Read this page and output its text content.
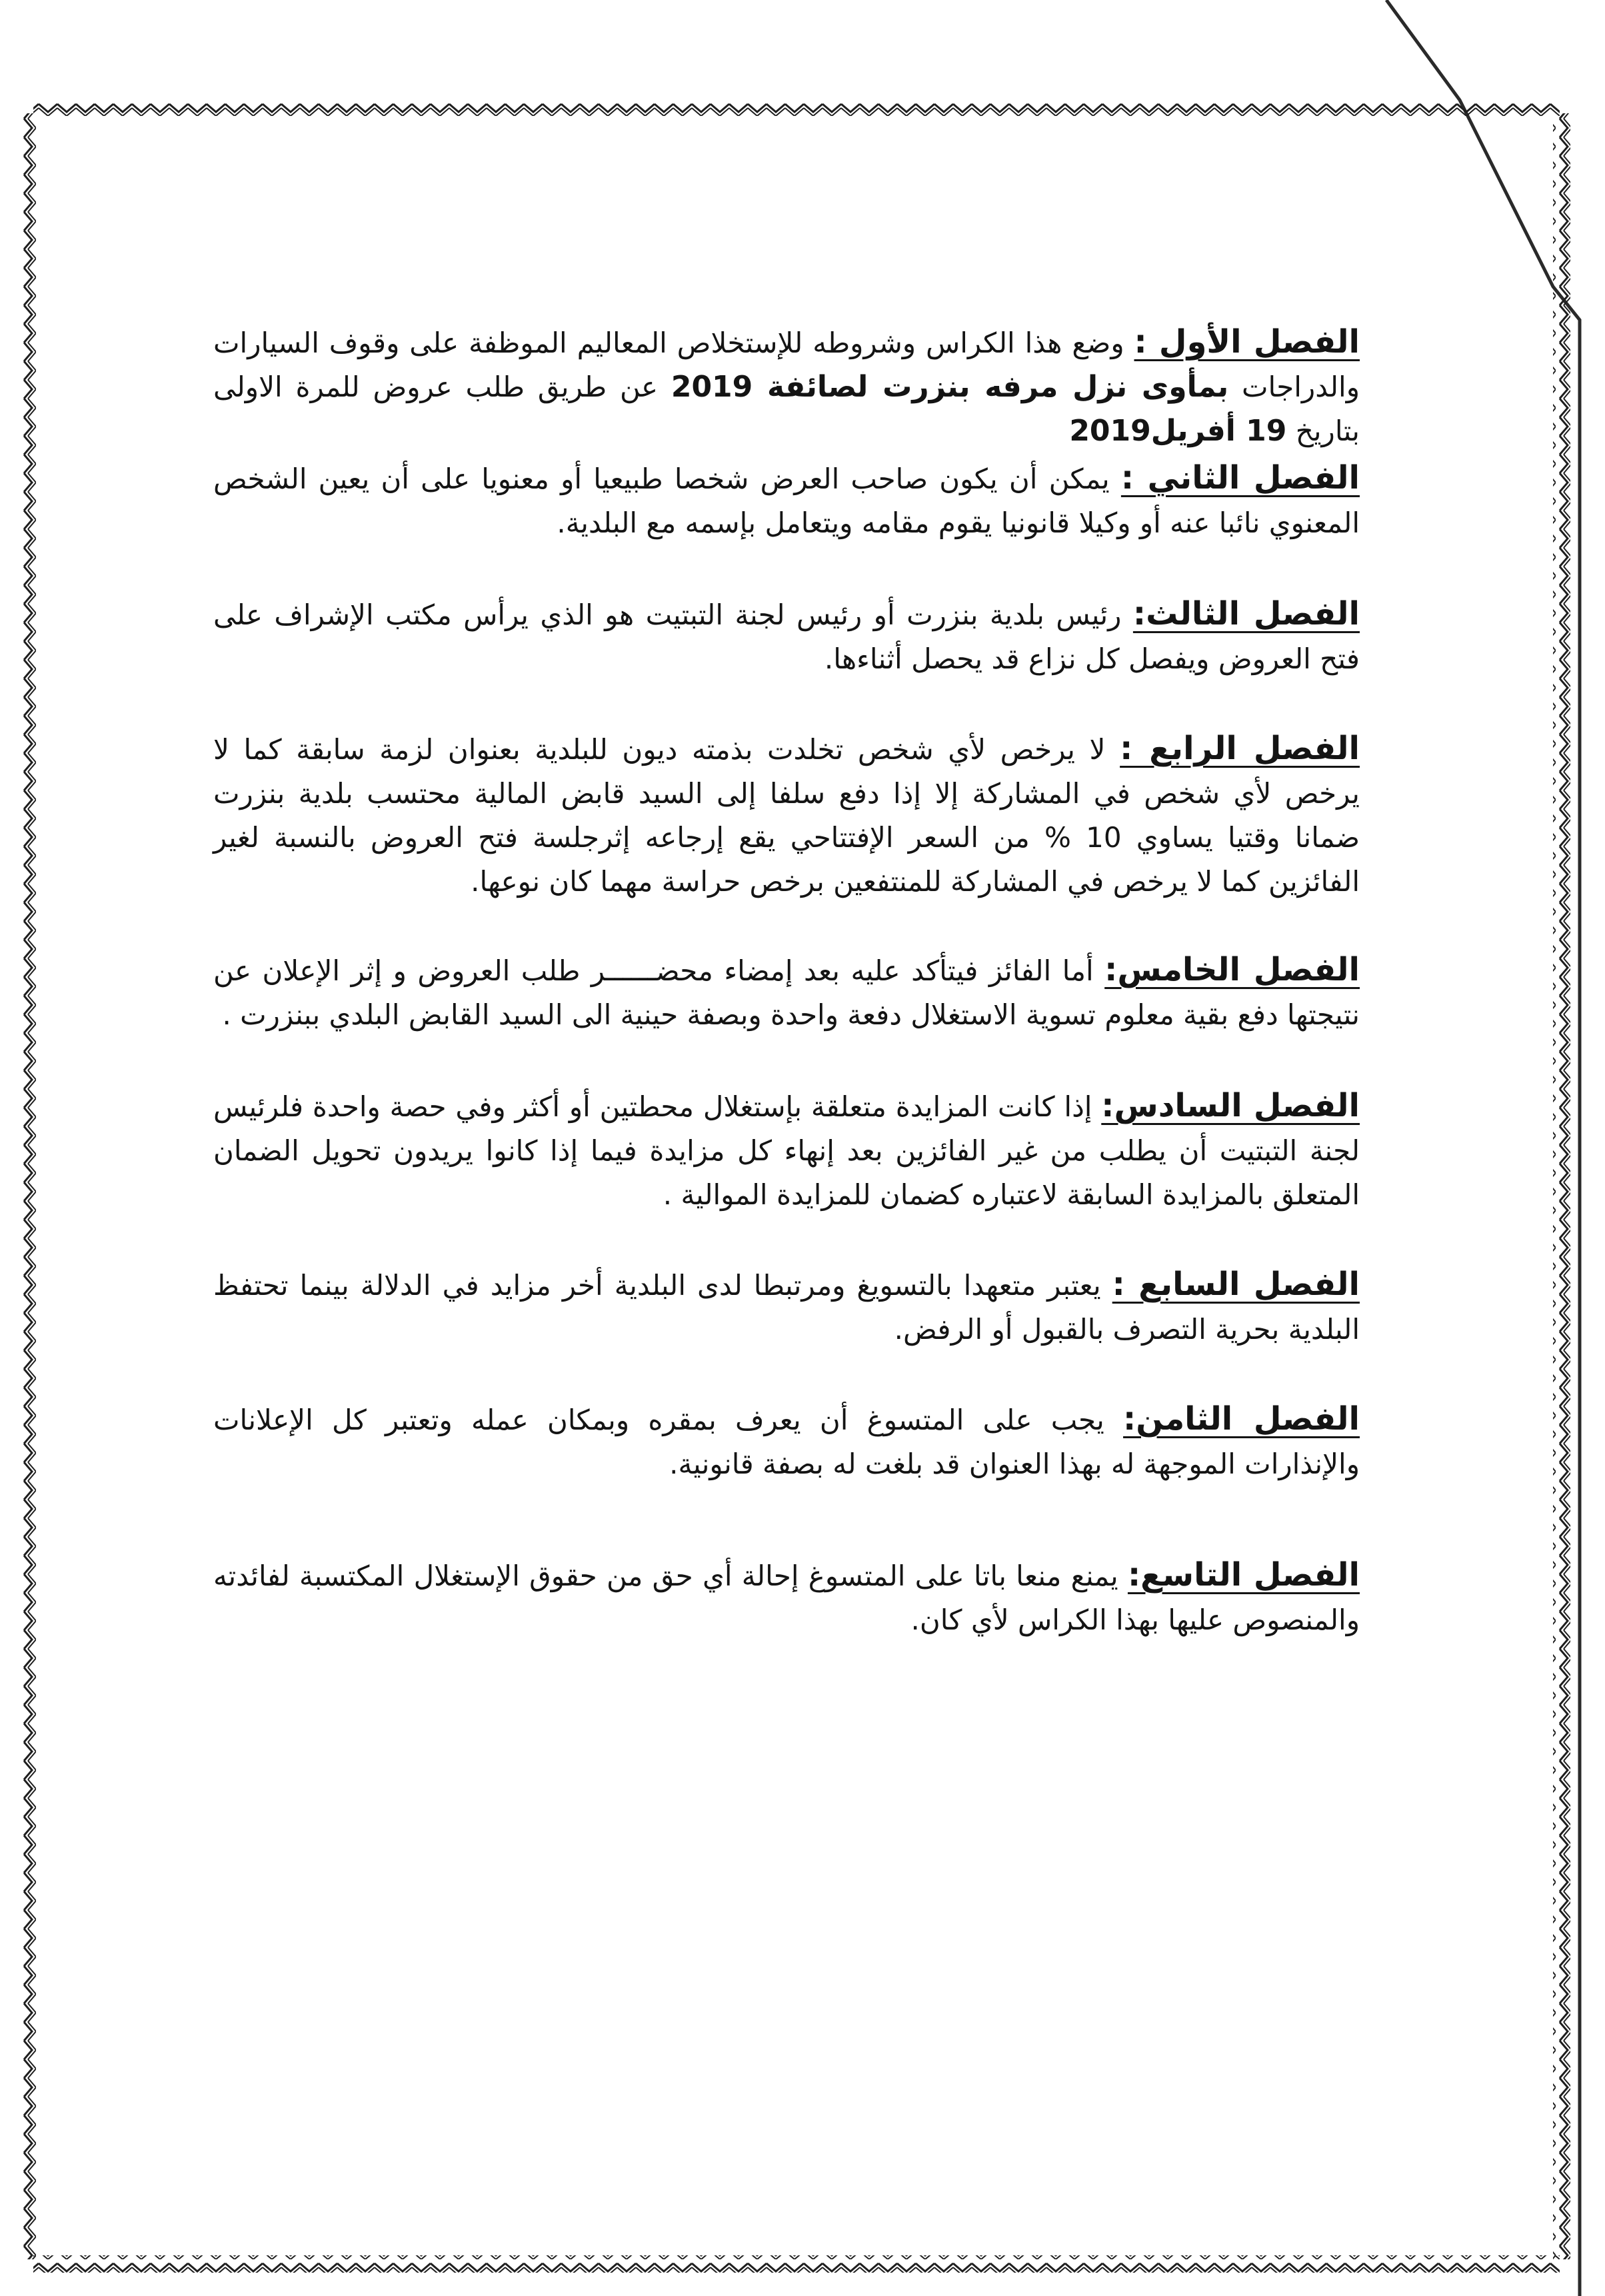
الفصل الأول : وضع هذا الكراس وشروطه للإستخلاص المعاليم الموظفة على وقوف السيارات والدراجات بمأوى نزل مرفه بنزرت لصائفة 2019 عن طريق طلب عروض للمرة الاولى بتاريخ 19 أفريل2019

الفصل الثاني : يمكن أن يكون صاحب العرض شخصا طبيعيا أو معنويا على أن يعين الشخص المعنوي نائبا عنه أو وكيلا قانونيا يقوم مقامه ويتعامل بإسمه مع البلدية.

الفصل الثالث: رئيس بلدية بنزرت أو رئيس لجنة التبتيت هو الذي يرأس مكتب الإشراف على فتح العروض ويفصل كل نزاع قد يحصل أثناءها.

الفصل الرابع : لا يرخص لأي شخص تخلدت بذمته ديون للبلدية بعنوان لزمة سابقة كما لا يرخص لأي شخص في المشاركة إلا إذا دفع سلفا إلى السيد قابض المالية محتسب بلدية بنزرت ضمانا وقتيا يساوي 10 % من السعر الإفتتاحي يقع إرجاعه إثرجلسة فتح العروض بالنسبة لغير الفائزين كما لا يرخص في المشاركة للمنتفعين برخص حراسة مهما كان نوعها.

الفصل الخامس: أما الفائز فيتأكد عليه بعد إمضاء محضــــــر طلب العروض و إثر الإعلان عن نتيجتها دفع بقية معلوم تسوية الاستغلال دفعة واحدة وبصفة حينية الى السيد القابض البلدي ببنزرت .

الفصل السادس: إذا كانت المزايدة متعلقة بإستغلال محطتين أو أكثر وفي حصة واحدة فلرئيس لجنة التبتيت أن يطلب من غير الفائزين بعد إنهاء كل مزايدة فيما إذا كانوا يريدون تحويل الضمان المتعلق بالمزايدة السابقة لاعتباره كضمان للمزايدة الموالية .

الفصل السابع : يعتبر متعهدا بالتسويغ ومرتبطا لدى البلدية أخر مزايد في الدلالة بينما تحتفظ البلدية بحرية التصرف بالقبول أو الرفض.

الفصل الثامن: يجب على المتسوغ أن يعرف بمقره وبمكان عمله وتعتبر كل الإعلانات والإنذارات الموجهة له بهذا العنوان قد بلغت له بصفة قانونية.

الفصل التاسع: يمنع منعا باتا على المتسوغ إحالة أي حق من حقوق الإستغلال المكتسبة لفائدته والمنصوص عليها بهذا الكراس لأي كان.
